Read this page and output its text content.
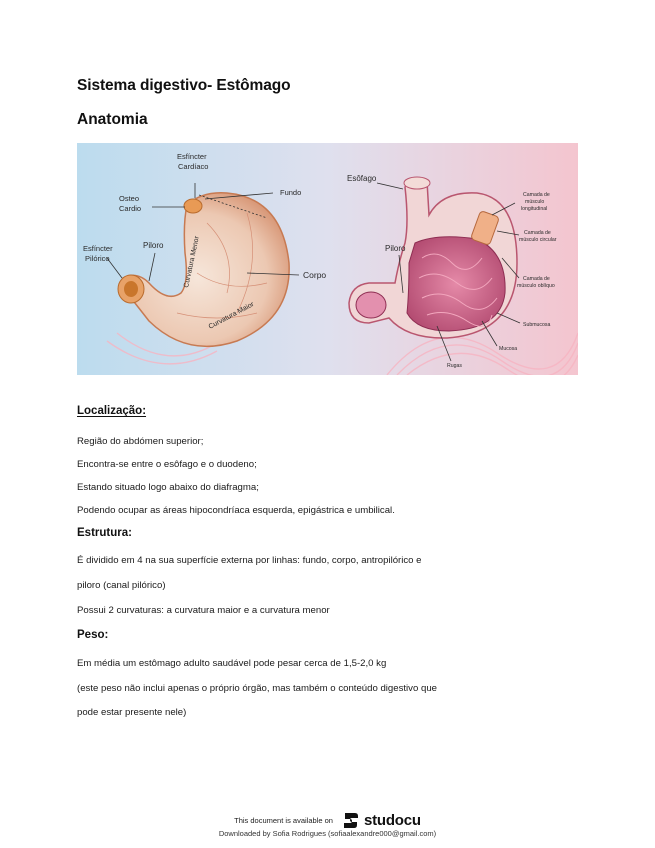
Sistema digestivo- Estômago
Anatomia
Esfíncter
Cardíaco
Fundo
Osteo
Cardio
Esfíncter
Pilórico
Piloro	Curvatura Menor	Corpo
Curvatura Maior
Esôfago
Piloro
Camada de
músculo
longitudinal
Camada de
músculo circular
Camada de
músculo oblíquo
Submucosa
Mucosa
Rugas

Localização:

Região do abdómen superior;

Encontra-se entre o esôfago e o duodeno;

Estando situado logo abaixo do diafragma;

Podendo ocupar as áreas hipocondríaca esquerda, epigástrica e umbilical.

Estrutura:

É dividido em 4 na sua superfície externa por linhas: fundo, corpo, antropilórico e

piloro (canal pilórico)

Possui 2 curvaturas: a curvatura maior e a curvatura menor

Peso:

Em média um estômago adulto saudável pode pesar cerca de 1,5-2,0 kg

(este peso não inclui apenas o próprio órgão, mas também o conteúdo digestivo que

pode estar presente nele)

This document is available on studocu
Downloaded by Sofia Rodrigues (sofiaalexandre000@gmail.com)
